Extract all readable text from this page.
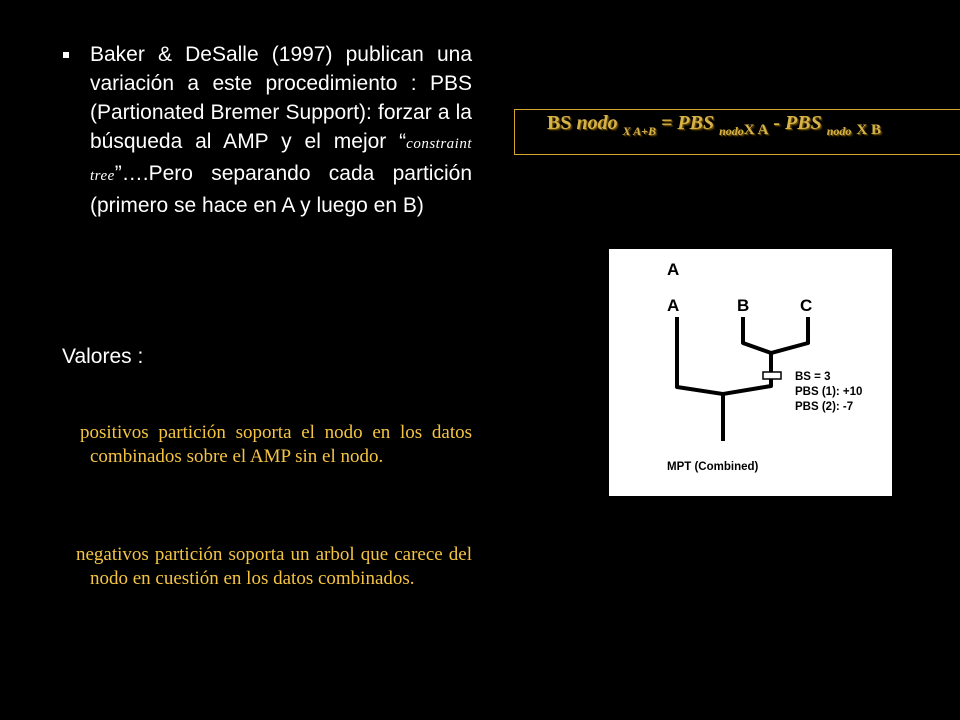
Baker & DeSalle (1997) publican una variación a este procedimiento : PBS (Partionated Bremer Support): forzar a la búsqueda al AMP y el mejor “constraint tree”….Pero separando cada partición (primero se hace en A y luego en B)

Valores :

positivos partición soporta el nodo en los datos combinados sobre el AMP sin el nodo.

negativos partición soporta un arbol que carece del nodo en cuestión en los datos combinados.

BS nodo $_{X A+B}$ = PBS $_{nodoX A}$ - PBS $_{nodo}$ $_{X B}$
A
A	B	C
BS = 3
PBS (1): +10
PBS (2): -7
MPT (Combined)
